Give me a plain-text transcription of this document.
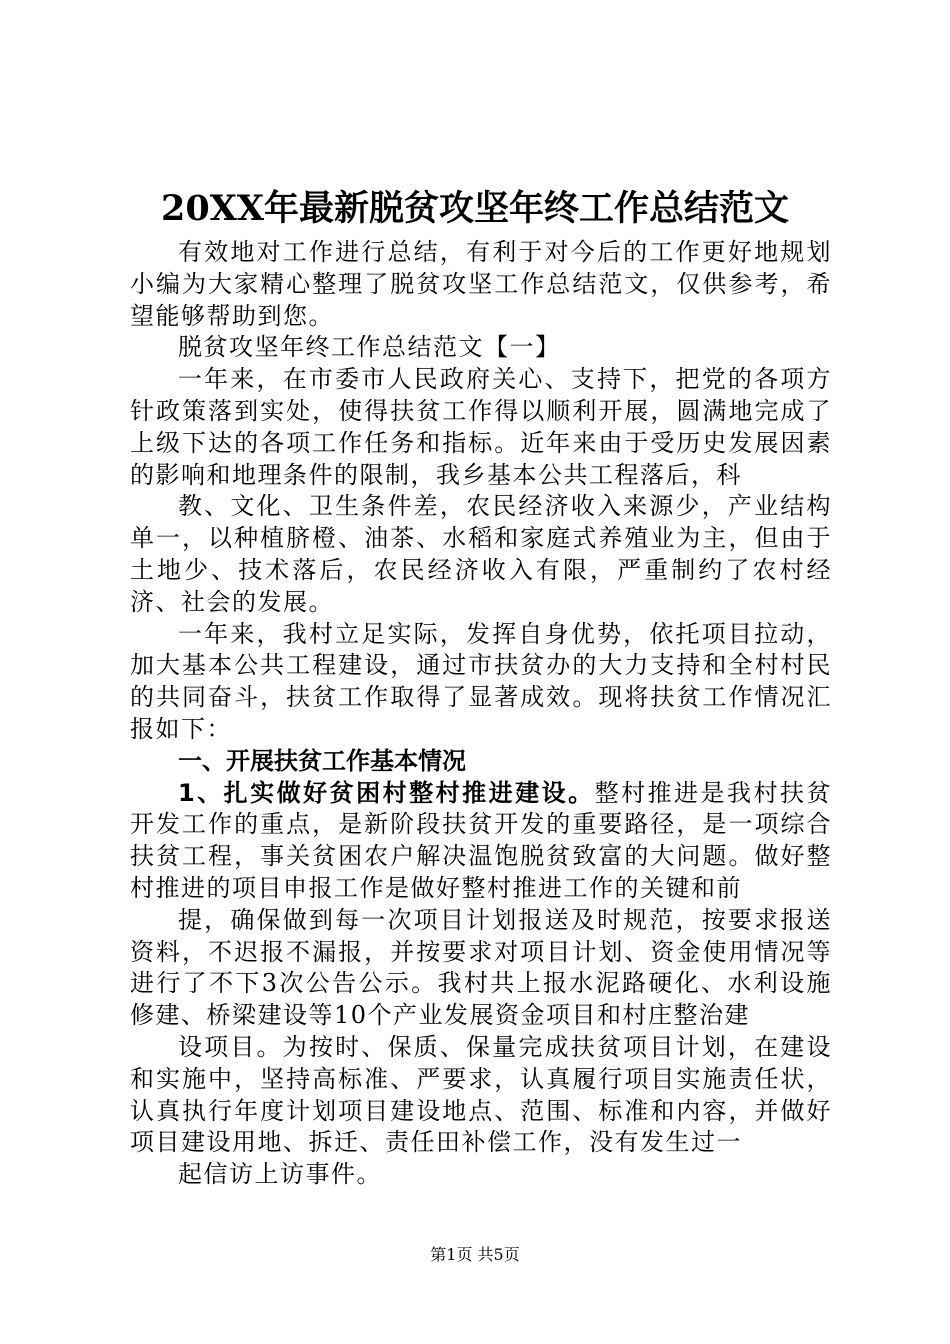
20XX年最新脱贫攻坚年终工作总结范文

有效地对工作进行总结，有利于对今后的工作更好地规划小编为大家精心整理了脱贫攻坚工作总结范文，仅供参考，希望能够帮助到您。

脱贫攻坚年终工作总结范文【一】

一年来，在市委市人民政府关心、支持下，把党的各项方针政策落到实处，使得扶贫工作得以顺利开展，圆满地完成了上级下达的各项工作任务和指标。近年来由于受历史发展因素的影响和地理条件的限制，我乡基本公共工程落后，科

教、文化、卫生条件差，农民经济收入来源少，产业结构单一，以种植脐橙、油茶、水稻和家庭式养殖业为主，但由于土地少、技术落后，农民经济收入有限，严重制约了农村经济、社会的发展。

一年来，我村立足实际，发挥自身优势，依托项目拉动，加大基本公共工程建设，通过市扶贫办的大力支持和全村村民的共同奋斗，扶贫工作取得了显著成效。现将扶贫工作情况汇报如下：

一、开展扶贫工作基本情况

1、扎实做好贫困村整村推进建设。整村推进是我村扶贫开发工作的重点，是新阶段扶贫开发的重要路径，是一项综合扶贫工程，事关贫困农户解决温饱脱贫致富的大问题。做好整村推进的项目申报工作是做好整村推进工作的关键和前

提，确保做到每一次项目计划报送及时规范，按要求报送资料，不迟报不漏报，并按要求对项目计划、资金使用情况等进行了不下3次公告公示。我村共上报水泥路硬化、水利设施修建、桥梁建设等10个产业发展资金项目和村庄整治建

设项目。为按时、保质、保量完成扶贫项目计划，在建设和实施中，坚持高标准、严要求，认真履行项目实施责任状，认真执行年度计划项目建设地点、范围、标准和内容，并做好项目建设用地、拆迁、责任田补偿工作，没有发生过一

起信访上访事件。

第1页 共5页
